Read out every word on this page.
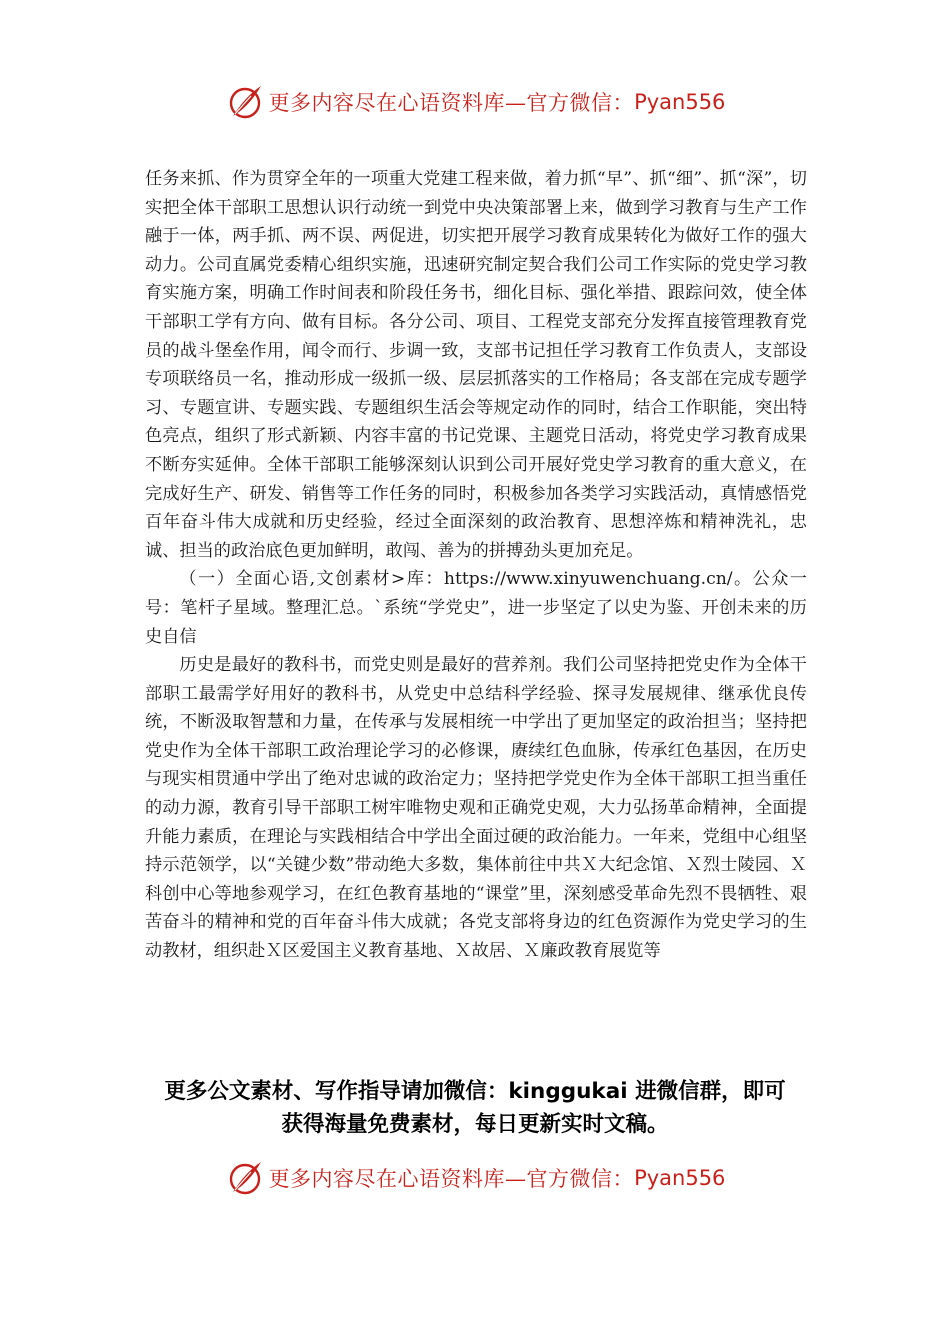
更多内容尽在心语资料库—官方微信： Pyan556

任务来抓、作为贯穿全年的一项重大党建工程来做，着力抓“早”、抓“细”、抓“深”，切实把全体干部职工思想认识行动统一到党中央决策部署上来，做到学习教育与生产工作融于一体，两手抓、两不误、两促进，切实把开展学习教育成果转化为做好工作的强大动力。公司直属党委精心组织实施，迅速研究制定契合我们公司工作实际的党史学习教育实施方案，明确工作时间表和阶段任务书，细化目标、强化举措、跟踪问效，使全体干部职工学有方向、做有目标。各分公司、项目、工程党支部充分发挥直接管理教育党员的战斗堡垒作用，闻令而行、步调一致，支部书记担任学习教育工作负责人，支部设专项联络员一名，推动形成一级抓一级、层层抓落实的工作格局；各支部在完成专题学习、专题宣讲、专题实践、专题组织生活会等规定动作的同时，结合工作职能，突出特色亮点，组织了形式新颖、内容丰富的书记党课、主题党日活动，将党史学习教育成果不断夯实延伸。全体干部职工能够深刻认识到公司开展好党史学习教育的重大意义，在完成好生产、研发、销售等工作任务的同时，积极参加各类学习实践活动，真情感悟党百年奋斗伟大成就和历史经验，经过全面深刻的政治教育、思想淬炼和精神洗礼，忠诚、担当的政治底色更加鲜明，敢闯、善为的拼搏劲头更加充足。

（一）全面心语,文创素材>库：https://www.xinyuwenchuang.cn/。公众一号：笔杆子星域。整理汇总。`系统“学党史”，进一步坚定了以史为鉴、开创未来的历史自信

历史是最好的教科书，而党史则是最好的营养剂。我们公司坚持把党史作为全体干部职工最需学好用好的教科书，从党史中总结科学经验、探寻发展规律、继承优良传统，不断汲取智慧和力量，在传承与发展相统一中学出了更加坚定的政治担当；坚持把党史作为全体干部职工政治理论学习的必修课，赓续红色血脉，传承红色基因，在历史与现实相贯通中学出了绝对忠诚的政治定力；坚持把学党史作为全体干部职工担当重任的动力源，教育引导干部职工树牢唯物史观和正确党史观，大力弘扬革命精神，全面提升能力素质，在理论与实践相结合中学出全面过硬的政治能力。一年来，党组中心组坚持示范领学，以“关键少数”带动绝大多数，集体前往中共Ｘ大纪念馆、Ｘ烈士陵园、Ｘ科创中心等地参观学习，在红色教育基地的“课堂”里，深刻感受革命先烈不畏牺牲、艰苦奋斗的精神和党的百年奋斗伟大成就；各党支部将身边的红色资源作为党史学习的生动教材，组织赴Ｘ区爱国主义教育基地、Ｘ故居、Ｘ廉政教育展览等

更多公文素材、写作指导请加微信：kinggukai 进微信群，即可
获得海量免费素材，每日更新实时文稿。
更多内容尽在心语资料库—官方微信： Pyan556
